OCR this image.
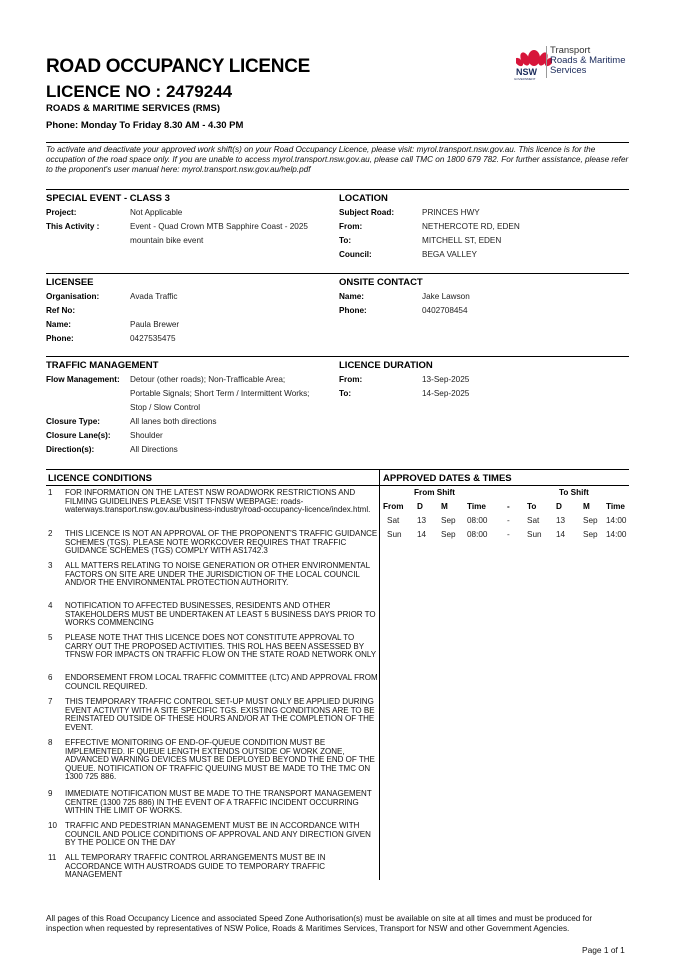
ROAD OCCUPANCY LICENCE
LICENCE NO : 2479244
ROADS & MARITIME SERVICES (RMS)
Phone: Monday To Friday 8.30 AM - 4.30 PM
NSW
GOVERNMENT
Transport
Roads & Maritime
Services
To activate and deactivate your approved work shift(s) on your Road Occupancy Licence, please visit: myrol.transport.nsw.gov.au. This licence is for the occupation of the road space only. If you are unable to access myrol.transport.nsw.gov.au, please call TMC on 1800 679 782. For further assistance, please refer to the proponent's user manual here: myrol.transport.nsw.gov.au/help.pdf
SPECIAL EVENT - CLASS 3
Project:	Not Applicable
This Activity :	Event - Quad Crown MTB Sapphire Coast - 2025
mountain bike event
LOCATION
Subject Road:	PRINCES HWY
From:	NETHERCOTE RD, EDEN
To:	MITCHELL ST, EDEN
Council:	BEGA VALLEY
LICENSEE
Organisation:	Avada Traffic
Ref No:
Name:	Paula Brewer
Phone:	0427535475
ONSITE CONTACT
Name:	Jake Lawson
Phone:	0402708454
TRAFFIC MANAGEMENT
Flow Management: Detour (other roads); Non-Trafficable Area;
Portable Signals; Short Term / Intermittent Works;
Stop / Slow Control
Closure Type:	All lanes both directions
Closure Lane(s): Shoulder
Direction(s):	All Directions
LICENCE DURATION
From:	13-Sep-2025
To:	14-Sep-2025
LICENCE CONDITIONS	APPROVED DATES & TIMES
1 FOR INFORMATION ON THE LATEST NSW ROADWORK RESTRICTIONS AND FILMING GUIDELINES PLEASE VISIT TFNSW WEBPAGE: roads-waterways.transport.nsw.gov.au/business-industry/road-occupancy-licence/index.html.
2 THIS LICENCE IS NOT AN APPROVAL OF THE PROPONENT'S TRAFFIC GUIDANCE SCHEMES (TGS). PLEASE NOTE WORKCOVER REQUIRES THAT TRAFFIC GUIDANCE SCHEMES (TGS) COMPLY WITH AS1742.3
3 ALL MATTERS RELATING TO NOISE GENERATION OR OTHER ENVIRONMENTAL FACTORS ON SITE ARE UNDER THE JURISDICTION OF THE LOCAL COUNCIL AND/OR THE ENVIRONMENTAL PROTECTION AUTHORITY.
4 NOTIFICATION TO AFFECTED BUSINESSES, RESIDENTS AND OTHER STAKEHOLDERS MUST BE UNDERTAKEN AT LEAST 5 BUSINESS DAYS PRIOR TO WORKS COMMENCING
5 PLEASE NOTE THAT THIS LICENCE DOES NOT CONSTITUTE APPROVAL TO CARRY OUT THE PROPOSED ACTIVITIES. THIS ROL HAS BEEN ASSESSED BY TFNSW FOR IMPACTS ON TRAFFIC FLOW ON THE STATE ROAD NETWORK ONLY
6 ENDORSEMENT FROM LOCAL TRAFFIC COMMITTEE (LTC) AND APPROVAL FROM COUNCIL REQUIRED.
7 THIS TEMPORARY TRAFFIC CONTROL SET-UP MUST ONLY BE APPLIED DURING EVENT ACTIVITY WITH A SITE SPECIFIC TGS. EXISTING CONDITIONS ARE TO BE REINSTATED OUTSIDE OF THESE HOURS AND/OR AT THE COMPLETION OF THE EVENT.
8 EFFECTIVE MONITORING OF END-OF-QUEUE CONDITION MUST BE IMPLEMENTED. IF QUEUE LENGTH EXTENDS OUTSIDE OF WORK ZONE, ADVANCED WARNING DEVICES MUST BE DEPLOYED BEYOND THE END OF THE QUEUE. NOTIFICATION OF TRAFFIC QUEUING MUST BE MADE TO THE TMC ON 1300 725 886.
9 IMMEDIATE NOTIFICATION MUST BE MADE TO THE TRANSPORT MANAGEMENT CENTRE (1300 725 886) IN THE EVENT OF A TRAFFIC INCIDENT OCCURRING WITHIN THE LIMIT OF WORKS.
10 TRAFFIC AND PEDESTRIAN MANAGEMENT MUST BE IN ACCORDANCE WITH COUNCIL AND POLICE CONDITIONS OF APPROVAL AND ANY DIRECTION GIVEN BY THE POLICE ON THE DAY
11 ALL TEMPORARY TRAFFIC CONTROL ARRANGEMENTS MUST BE IN ACCORDANCE WITH AUSTROADS GUIDE TO TEMPORARY TRAFFIC MANAGEMENT
From Shift	To Shift
From D M Time	- To D	M Time
Sat 13 Sep 08:00 - Sat 13 Sep 14:00
Sun 14 Sep 08:00 - Sun 14 Sep 14:00
All pages of this Road Occupancy Licence and associated Speed Zone Authorisation(s) must be available on site at all times and must be produced for inspection when requested by representatives of NSW Police, Roads & Maritimes Services, Transport for NSW and other Government Agencies.
Page 1 of 1
